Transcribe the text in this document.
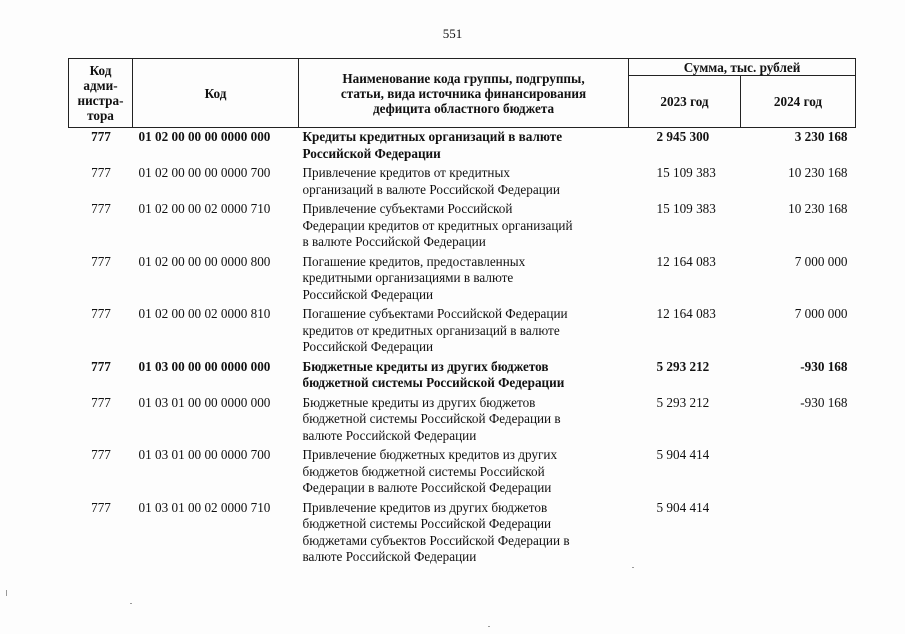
551
Код
адми-
нистра-
тора	Код	Наименование кода группы, подгруппы,
статьи, вида источника финансирования
дефицита областного бюджета	Сумма, тыс. рублей	
			2023 год	2024 год
777	01 02 00 00 00 0000 000	Кредиты кредитных организаций в валюте
Российской Федерации	2 945 300	3 230 168
777	01 02 00 00 00 0000 700	Привлечение кредитов от кредитных
организаций в валюте Российской Федерации	15 109 383	10 230 168
777	01 02 00 00 02 0000 710	Привлечение субъектами Российской
Федерации кредитов от кредитных организаций
в валюте Российской Федерации	15 109 383	10 230 168
777	01 02 00 00 00 0000 800	Погашение кредитов, предоставленных
кредитными организациями в валюте
Российской Федерации	12 164 083	7 000 000
777	01 02 00 00 02 0000 810	Погашение субъектами Российской Федерации
кредитов от кредитных организаций в валюте
Российской Федерации	12 164 083	7 000 000
777	01 03 00 00 00 0000 000	Бюджетные кредиты из других бюджетов
бюджетной системы Российской Федерации	5 293 212	-930 168
777	01 03 01 00 00 0000 000	Бюджетные кредиты из других бюджетов
бюджетной системы Российской Федерации в
валюте Российской Федерации	5 293 212	-930 168
777	01 03 01 00 00 0000 700	Привлечение бюджетных кредитов из других
бюджетов бюджетной системы Российской
Федерации в валюте Российской Федерации	5 904 414	
777	01 03 01 00 02 0000 710	Привлечение кредитов из других бюджетов
бюджетной системы Российской Федерации
бюджетами субъектов Российской Федерации в
валюте Российской Федерации	5 904 414	
